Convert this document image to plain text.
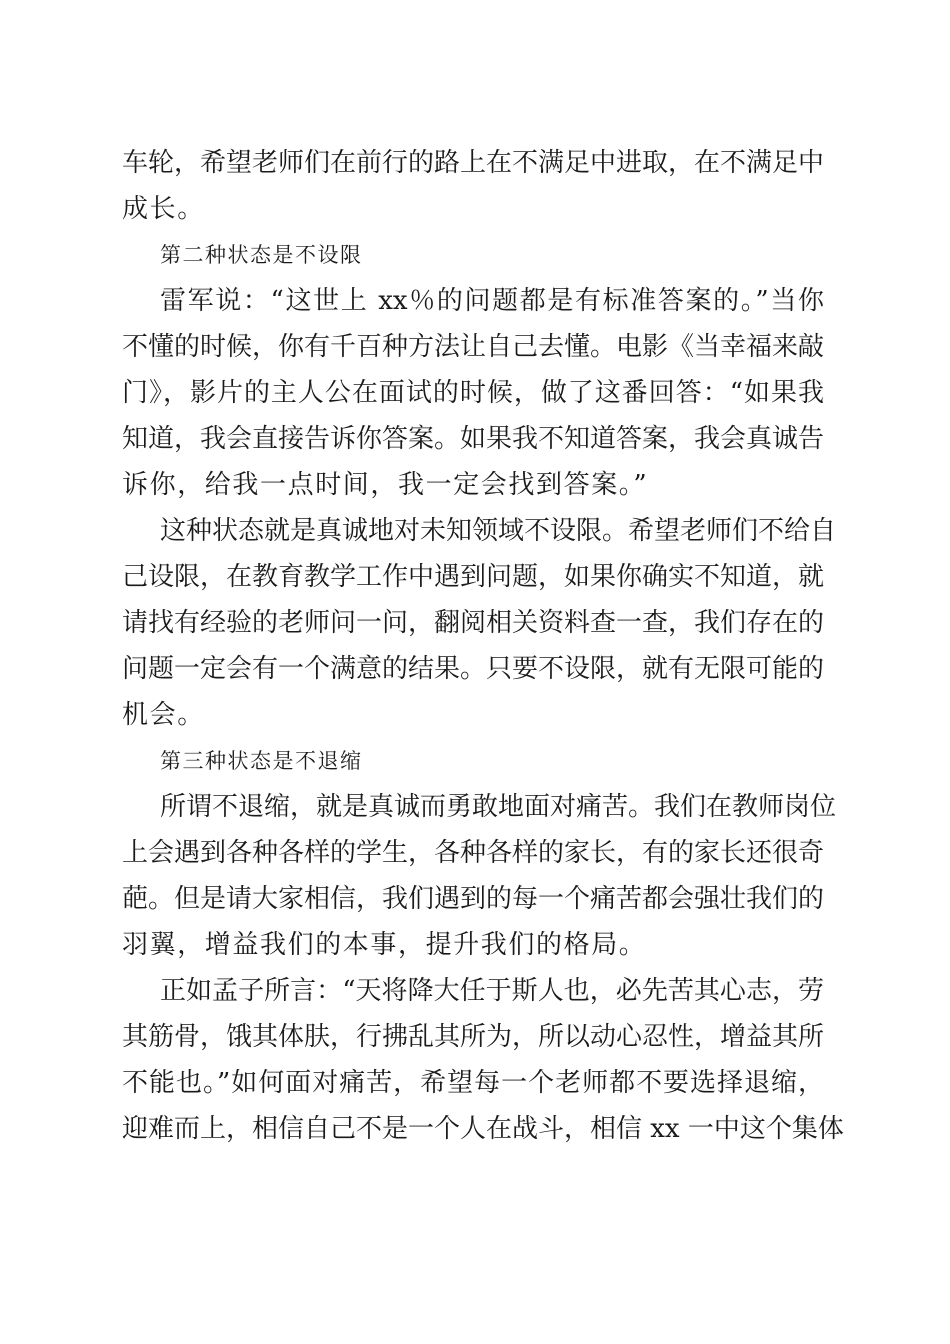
车轮，希望老师们在前行的路上在不满足中进取，在不满足中
成长。
第二种状态是不设限
雷军说：“这世上 xx％的问题都是有标准答案的。”当你
不懂的时候，你有千百种方法让自己去懂。电影《当幸福来敲
门》，影片的主人公在面试的时候，做了这番回答：“如果我
知道，我会直接告诉你答案。如果我不知道答案，我会真诚告
诉你，给我一点时间，我一定会找到答案。”
这种状态就是真诚地对未知领域不设限。希望老师们不给自
己设限，在教育教学工作中遇到问题，如果你确实不知道，就
请找有经验的老师问一问，翻阅相关资料查一查，我们存在的
问题一定会有一个满意的结果。只要不设限，就有无限可能的
机会。
第三种状态是不退缩
所谓不退缩，就是真诚而勇敢地面对痛苦。我们在教师岗位
上会遇到各种各样的学生，各种各样的家长，有的家长还很奇
葩。但是请大家相信，我们遇到的每一个痛苦都会强壮我们的
羽翼，增益我们的本事，提升我们的格局。
正如孟子所言：“天将降大任于斯人也，必先苦其心志，劳
其筋骨，饿其体肤，行拂乱其所为，所以动心忍性，增益其所
不能也。”如何面对痛苦，希望每一个老师都不要选择退缩，
迎难而上，相信自己不是一个人在战斗，相信 xx 一中这个集体
